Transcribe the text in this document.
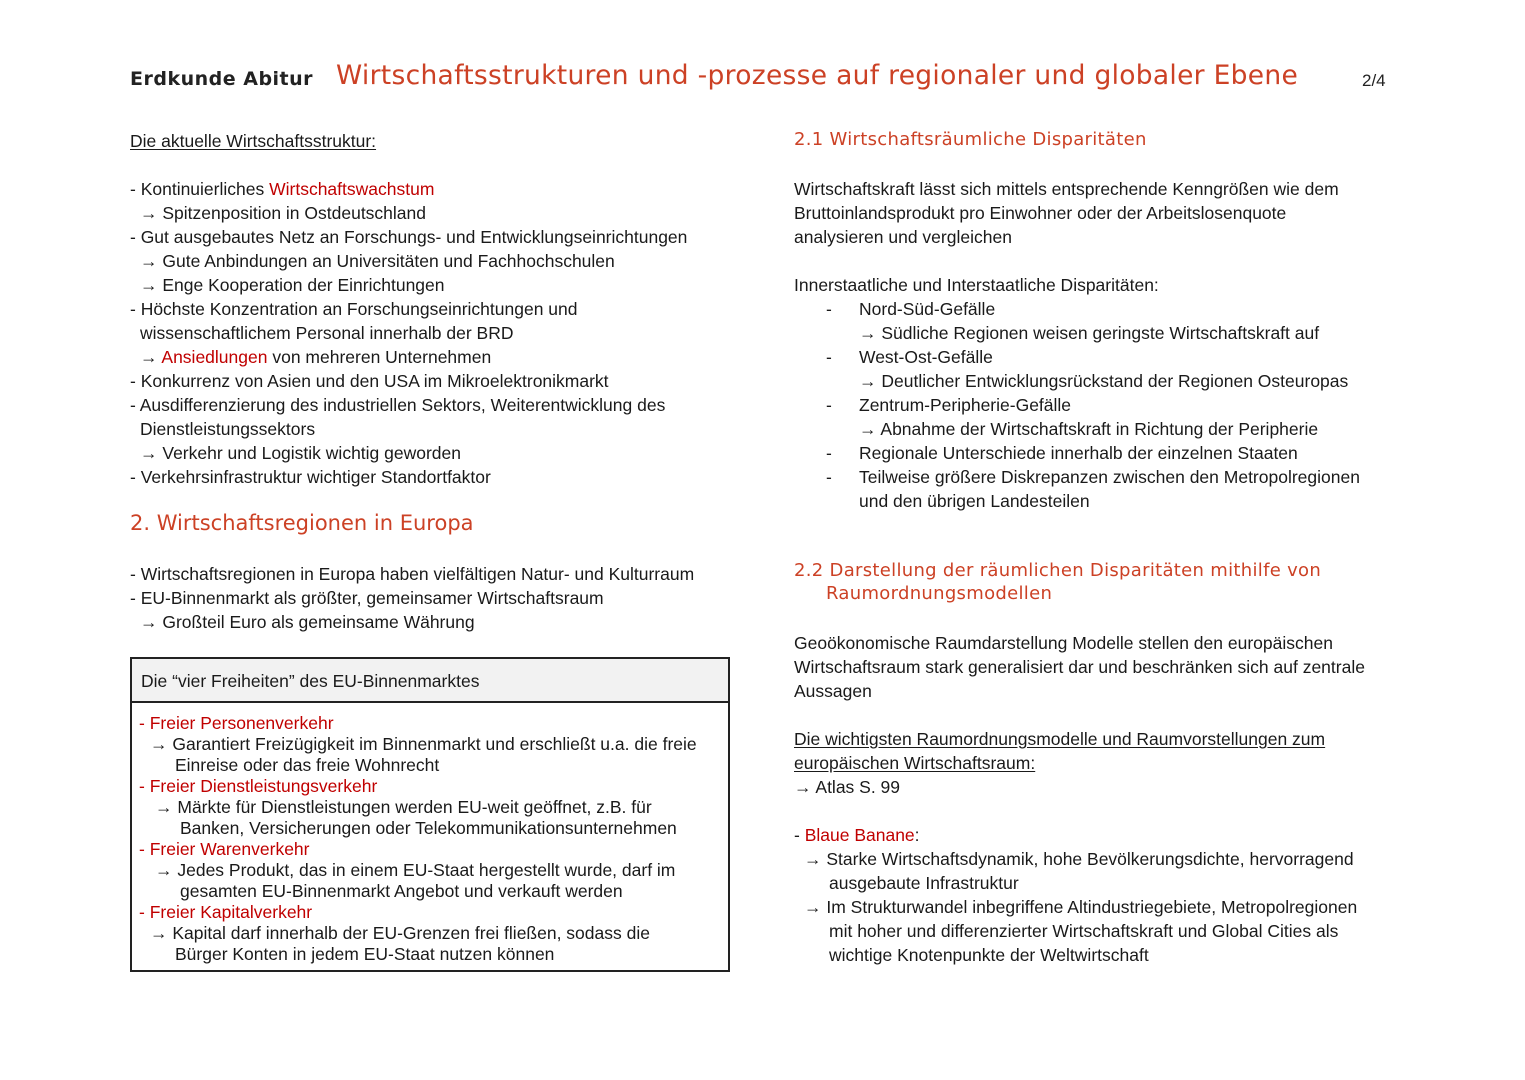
Erdkunde Abitur Wirtschaftsstrukturen und -prozesse auf regionaler und globaler Ebene	2/4
Die aktuelle Wirtschaftsstruktur:
- Kontinuierliches Wirtschaftswachstum
→ Spitzenposition in Ostdeutschland
- Gut ausgebautes Netz an Forschungs- und Entwicklungseinrichtungen
→ Gute Anbindungen an Universitäten und Fachhochschulen
→ Enge Kooperation der Einrichtungen
- Höchste Konzentration an Forschungseinrichtungen und
wissenschaftlichem Personal innerhalb der BRD
→ Ansiedlungen von mehreren Unternehmen
- Konkurrenz von Asien und den USA im Mikroelektronikmarkt
- Ausdifferenzierung des industriellen Sektors, Weiterentwicklung des
Dienstleistungssektors
→ Verkehr und Logistik wichtig geworden
- Verkehrsinfrastruktur wichtiger Standortfaktor
2. Wirtschaftsregionen in Europa
- Wirtschaftsregionen in Europa haben vielfältigen Natur- und Kulturraum
- EU-Binnenmarkt als größter, gemeinsamer Wirtschaftsraum
→ Großteil Euro als gemeinsame Währung
Die “vier Freiheiten” des EU-Binnenmarktes
- Freier Personenverkehr
→ Garantiert Freizügigkeit im Binnenmarkt und erschließt u.a. die freie
Einreise oder das freie Wohnrecht
- Freier Dienstleistungsverkehr
→ Märkte für Dienstleistungen werden EU-weit geöffnet, z.B. für
Banken, Versicherungen oder Telekommunikationsunternehmen
- Freier Warenverkehr
→ Jedes Produkt, das in einem EU-Staat hergestellt wurde, darf im
gesamten EU-Binnenmarkt Angebot und verkauft werden
- Freier Kapitalverkehr
→ Kapital darf innerhalb der EU-Grenzen frei fließen, sodass die
Bürger Konten in jedem EU-Staat nutzen können
2.1 Wirtschaftsräumliche Disparitäten
Wirtschaftskraft lässt sich mittels entsprechende Kenngrößen wie dem
Bruttoinlandsprodukt pro Einwohner oder der Arbeitslosenquote
analysieren und vergleichen
Innerstaatliche und Interstaatliche Disparitäten:
- Nord-Süd-Gefälle
→ Südliche Regionen weisen geringste Wirtschaftskraft auf
- West-Ost-Gefälle
→ Deutlicher Entwicklungsrückstand der Regionen Osteuropas
- Zentrum-Peripherie-Gefälle
→ Abnahme der Wirtschaftskraft in Richtung der Peripherie
- Regionale Unterschiede innerhalb der einzelnen Staaten
- Teilweise größere Diskrepanzen zwischen den Metropolregionen
und den übrigen Landesteilen
2.2 Darstellung der räumlichen Disparitäten mithilfe von
Raumordnungsmodellen
Geoökonomische Raumdarstellung Modelle stellen den europäischen
Wirtschaftsraum stark generalisiert dar und beschränken sich auf zentrale
Aussagen
Die wichtigsten Raumordnungsmodelle und Raumvorstellungen zum
europäischen Wirtschaftsraum:
→ Atlas S. 99
- Blaue Banane:
→ Starke Wirtschaftsdynamik, hohe Bevölkerungsdichte, hervorragend
ausgebaute Infrastruktur
→ Im Strukturwandel inbegriffene Altindustriegebiete, Metropolregionen
mit hoher und differenzierter Wirtschaftskraft und Global Cities als
wichtige Knotenpunkte der Weltwirtschaft
